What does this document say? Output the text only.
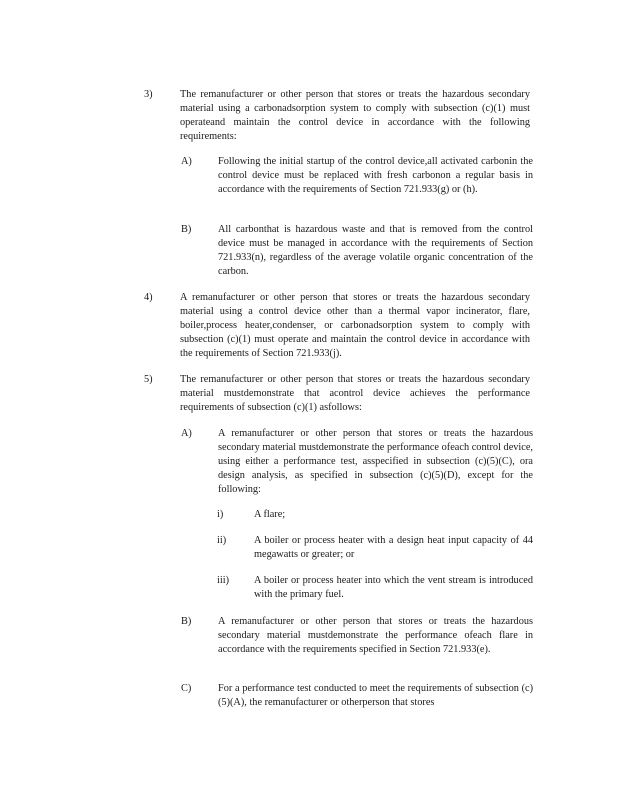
3)	The remanufacturer or other person that stores or treats the hazardous secondary material using a carbonadsorption system to comply with subsection (c)(1) must operateand maintain the control device in accordance with the following requirements:
A)	Following the initial startup of the control device,all activated carbonin the control device must be replaced with fresh carbonon a regular basis in accordance with the requirements of Section 721.933(g) or (h).
B)	All carbonthat is hazardous waste and that is removed from the control device must be managed in accordance with the requirements of Section 721.933(n), regardless of the average volatile organic concentration of the carbon.
4)	A remanufacturer or other person that stores or treats the hazardous secondary material using a control device other than a thermal vapor incinerator, flare, boiler,process heater,condenser, or carbonadsorption system to comply with subsection (c)(1) must operate and maintain the control device in accordance with the requirements of Section 721.933(j).
5)	The remanufacturer or other person that stores or treats the hazardous secondary material mustdemonstrate that acontrol device achieves the performance requirements of subsection (c)(1) asfollows:
A)	A remanufacturer or other person that stores or treats the hazardous secondary material mustdemonstrate the performance ofeach control device, using either a performance test, asspecified in subsection (c)(5)(C), ora design analysis, as specified in subsection (c)(5)(D), except for the following:
i)	A flare;
ii)	A boiler or process heater with a design heat input capacity of 44 megawatts or greater; or
iii) A boiler or process heater into which the vent stream is introduced with the primary fuel.
B)	A remanufacturer or other person that stores or treats the hazardous secondary material mustdemonstrate the performance ofeach flare in accordance with the requirements specified in Section 721.933(e).
C)	For a performance test conducted to meet the requirements of subsection (c)(5)(A), the remanufacturer or otherperson that stores
